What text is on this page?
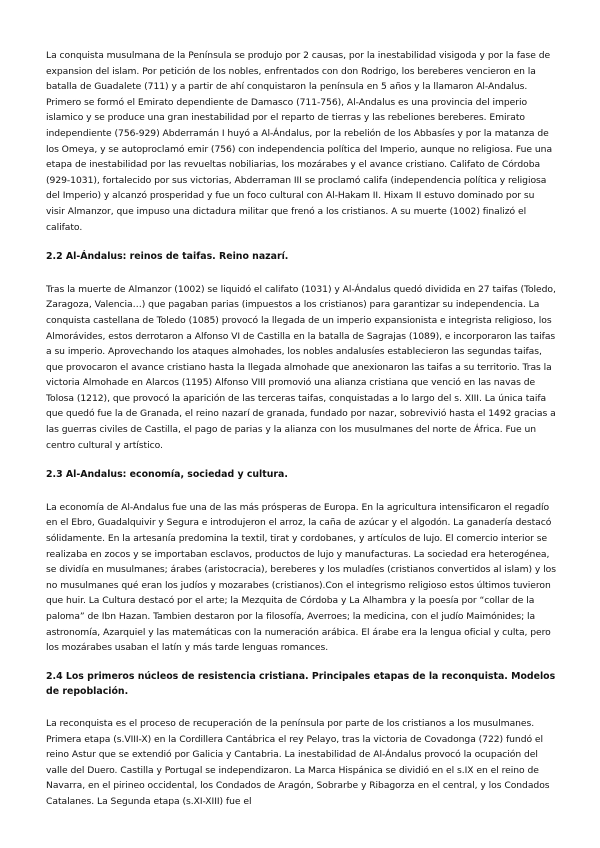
La conquista musulmana de la Península se produjo por 2 causas, por la inestabilidad visigoda y por la fase de expansion del islam. Por petición de los nobles, enfrentados con don Rodrigo, los bereberes vencieron en la batalla de Guadalete (711) y a partir de ahí conquistaron la península en 5 años y la llamaron Al-Andalus. Primero se formó el Emirato dependiente de Damasco (711-756), Al-Andalus es una provincia del imperio islamico y se produce una gran inestabilidad por el reparto de tierras y las rebeliones bereberes. Emirato independiente (756-929) Abderramán I huyó a Al-Ándalus, por la rebelión de los Abbasíes y por la matanza de los Omeya, y se autoproclamó emir (756) con independencia política del Imperio, aunque no religiosa. Fue una etapa de inestabilidad por las revueltas nobiliarias, los mozárabes y el avance cristiano. Califato de Córdoba (929-1031), fortalecido por sus victorias, Abderraman III se proclamó califa (independencia política y religiosa del Imperio) y alcanzó prosperidad y fue un foco cultural con Al-Hakam II. Hixam II estuvo dominado por su visir Almanzor, que impuso una dictadura militar que frenó a los cristianos. A su muerte (1002) finalizó el califato.

2.2 Al-Ándalus: reinos de taifas. Reino nazarí.

Tras la muerte de Almanzor (1002) se liquidó el califato (1031) y Al-Ándalus quedó dividida en 27 taifas (Toledo, Zaragoza, Valencia…) que pagaban parias (impuestos a los cristianos) para garantizar su independencia. La conquista castellana de Toledo (1085) provocó la llegada de un imperio expansionista e integrista religioso, los Almorávides, estos derrotaron a Alfonso VI de Castilla en la batalla de Sagrajas (1089), e incorporaron las taifas a su imperio. Aprovechando los ataques almohades, los nobles andalusíes establecieron las segundas taifas, que provocaron el avance cristiano hasta la llegada almohade que anexionaron las taifas a su territorio. Tras la victoria Almohade en Alarcos (1195) Alfonso VIII promovió una alianza cristiana que venció en las navas de Tolosa (1212), que provocó la aparición de las terceras taifas, conquistadas a lo largo del s. XIII. La única taifa que quedó fue la de Granada, el reino nazarí de granada, fundado por nazar, sobrevivió hasta el 1492 gracias a las guerras civiles de Castilla, el pago de parias y la alianza con los musulmanes del norte de África. Fue un centro cultural y artístico.

2.3 Al-Andalus: economía, sociedad y cultura.

La economía de Al-Andalus fue una de las más prósperas de Europa. En la agricultura intensificaron el regadío en el Ebro, Guadalquivir y Segura e introdujeron el arroz, la caña de azúcar y el algodón. La ganadería destacó sólidamente. En la artesanía predomina la textil, tirat y cordobanes, y artículos de lujo. El comercio interior se realizaba en zocos y se importaban esclavos, productos de lujo y manufacturas. La sociedad era heterogénea, se dividía en musulmanes; árabes (aristocracia), bereberes y los muladíes (cristianos convertidos al islam) y los no musulmanes qué eran los judíos y mozarabes (cristianos).Con el integrismo religioso estos últimos tuvieron que huir. La Cultura destacó por el arte; la Mezquita de Córdoba y La Alhambra y la poesía por “collar de la paloma” de Ibn Hazan. Tambien destaron por la filosofía, Averroes; la medicina, con el judío Maimónides; la astronomía, Azarquiel y las matemáticas con la numeración arábica. El árabe era la lengua oficial y culta, pero los mozárabes usaban el latín y más tarde lenguas romances.

2.4 Los primeros núcleos de resistencia cristiana. Principales etapas de la reconquista. Modelos de repoblación.

La reconquista es el proceso de recuperación de la península por parte de los cristianos a los musulmanes. Primera etapa (s.VIII-X) en la Cordillera Cantábrica el rey Pelayo, tras la victoria de Covadonga (722) fundó el reino Astur que se extendió por Galicia y Cantabria. La inestabilidad de Al-Ándalus provocó la ocupación del valle del Duero. Castilla y Portugal se independizaron. La Marca Hispánica se dividió en el s.IX en el reino de Navarra, en el pirineo occidental, los Condados de Aragón, Sobrarbe y Ribagorza en el central, y los Condados Catalanes. La Segunda etapa (s.XI-XIII) fue el
